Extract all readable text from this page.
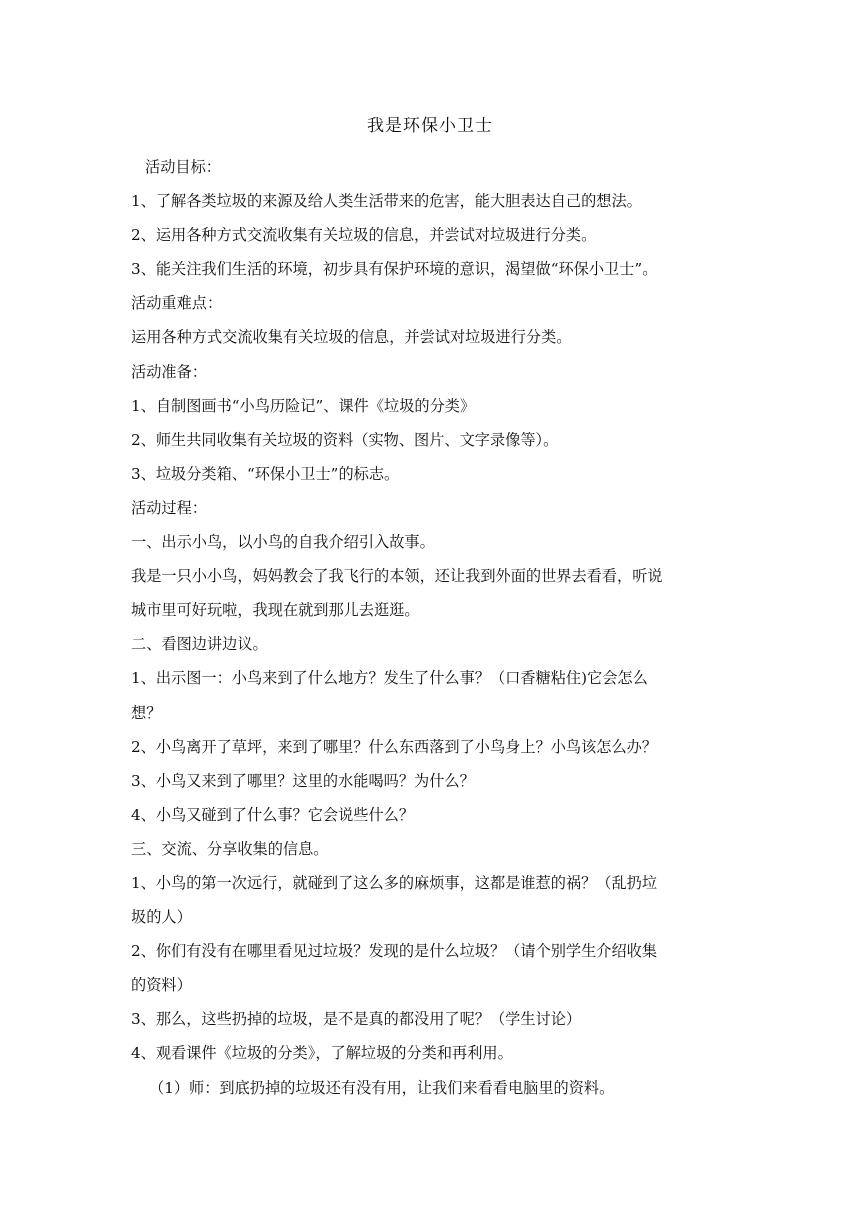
我是环保小卫士
活动目标：
1、了解各类垃圾的来源及给人类生活带来的危害，能大胆表达自己的想法。
2、运用各种方式交流收集有关垃圾的信息，并尝试对垃圾进行分类。
3、能关注我们生活的环境，初步具有保护环境的意识，渴望做“环保小卫士”。
活动重难点：
运用各种方式交流收集有关垃圾的信息，并尝试对垃圾进行分类。
活动准备：
1、自制图画书“小鸟历险记”、课件《垃圾的分类》
2、师生共同收集有关垃圾的资料（实物、图片、文字录像等）。
3、垃圾分类箱、“环保小卫士”的标志。
活动过程：
一、出示小鸟，以小鸟的自我介绍引入故事。
我是一只小小鸟，妈妈教会了我飞行的本领，还让我到外面的世界去看看，听说
城市里可好玩啦，我现在就到那儿去逛逛。
二、看图边讲边议。
1、出示图一：小鸟来到了什么地方？发生了什么事？（口香糖粘住)它会怎么
想？
2、小鸟离开了草坪，来到了哪里？什么东西落到了小鸟身上？小鸟该怎么办？
3、小鸟又来到了哪里？这里的水能喝吗？为什么？
4、小鸟又碰到了什么事？它会说些什么？
三、交流、分享收集的信息。
1、小鸟的第一次远行，就碰到了这么多的麻烦事，这都是谁惹的祸？（乱扔垃
圾的人）
2、你们有没有在哪里看见过垃圾？发现的是什么垃圾？（请个别学生介绍收集
的资料）
3、那么，这些扔掉的垃圾，是不是真的都没用了呢？（学生讨论）
4、观看课件《垃圾的分类》，了解垃圾的分类和再利用。
（1）师：到底扔掉的垃圾还有没有用，让我们来看看电脑里的资料。
